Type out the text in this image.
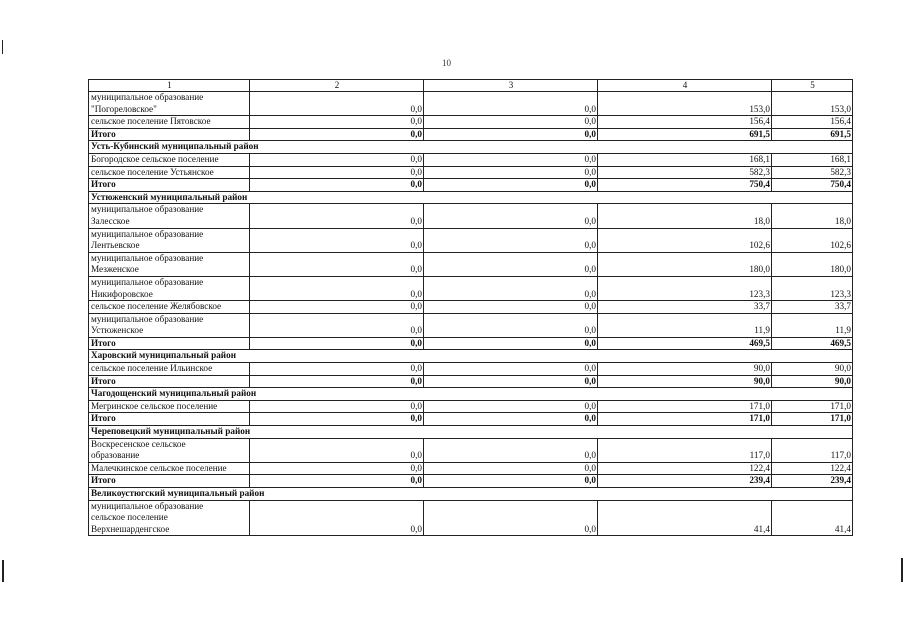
10
1	2	3	4	5

муниципальное образование
"Погореловское"	0,0	0,0	153,0	153,0

сельское поселение Пятовское	0,0	0,0	156,4	156,4

Итого	0,0	0,0	691,5	691,5
Усть-Кубинский муниципальный район				

Богородское сельское поселение	0,0	0,0	168,1	168,1

сельское поселение Устьянское	0,0	0,0	582,3	582,3

Итого	0,0	0,0	750,4	750,4
Устюженский муниципальный район				

муниципальное образование
Залесское	0,0	0,0	18,0	18,0

муниципальное образование
Лентьевское	0,0	0,0	102,6	102,6

муниципальное образование
Мезженское	0,0	0,0	180,0	180,0

муниципальное образование
Никифоровское	0,0	0,0	123,3	123,3

сельское поселение Желябовское	0,0	0,0	33,7	33,7

муниципальное образование
Устюженское	0,0	0,0	11,9	11,9

Итого	0,0	0,0	469,5	469,5
Харовский муниципальный район				

сельское поселение Ильинское	0,0	0,0	90,0	90,0

Итого	0,0	0,0	90,0	90,0
Чагодощенский муниципальный район				

Мегринское сельское поселение	0,0	0,0	171,0	171,0

Итого	0,0	0,0	171,0	171,0
Череповецкий муниципальный район				

Воскресенское сельское
образование	0,0	0,0	117,0	117,0

Малечкинское сельское поселение	0,0	0,0	122,4	122,4

Итого	0,0	0,0	239,4	239,4
Великоустюгский муниципальный район				

муниципальное образование
сельское поселение
Верхнешарденгское	0,0	0,0	41,4	41,4
